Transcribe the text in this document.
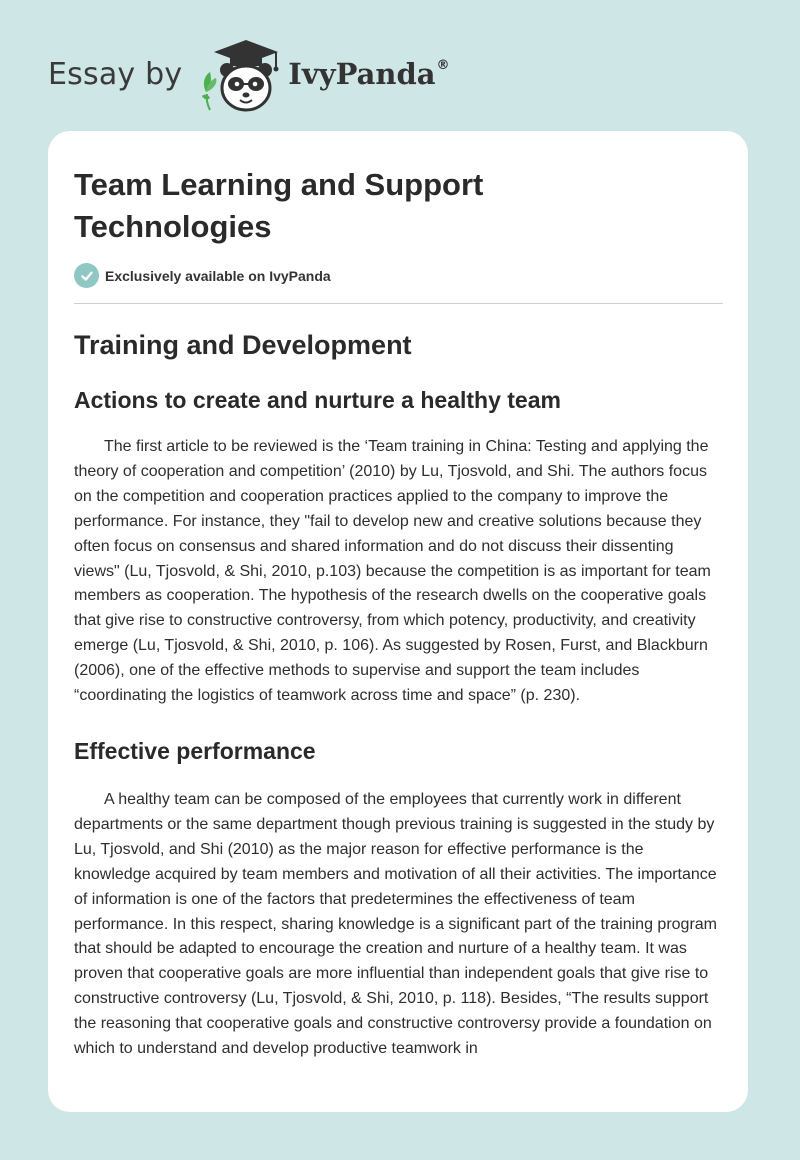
Essay by	IvyPanda®
Team Learning and Support Technologies
Exclusively available on IvyPanda
Training and Development
Actions to create and nurture a healthy team

The first article to be reviewed is the ‘Team training in China: Testing and applying the theory of cooperation and competition’ (2010) by Lu, Tjosvold, and Shi. The authors focus on the competition and cooperation practices applied to the company to improve the performance. For instance, they "fail to develop new and creative solutions because they often focus on consensus and shared information and do not discuss their dissenting views" (Lu, Tjosvold, & Shi, 2010, p.103) because the competition is as important for team members as cooperation. The hypothesis of the research dwells on the cooperative goals that give rise to constructive controversy, from which potency, productivity, and creativity emerge (Lu, Tjosvold, & Shi, 2010, p. 106). As suggested by Rosen, Furst, and Blackburn (2006), one of the effective methods to supervise and support the team includes “coordinating the logistics of teamwork across time and space” (p. 230).

Effective performance

A healthy team can be composed of the employees that currently work in different departments or the same department though previous training is suggested in the study by Lu, Tjosvold, and Shi (2010) as the major reason for effective performance is the knowledge acquired by team members and motivation of all their activities. The importance of information is one of the factors that predetermines the effectiveness of team performance. In this respect, sharing knowledge is a significant part of the training program that should be adapted to encourage the creation and nurture of a healthy team. It was proven that cooperative goals are more influential than independent goals that give rise to constructive controversy (Lu, Tjosvold, & Shi, 2010, p. 118). Besides, “The results support the reasoning that cooperative goals and constructive controversy provide a foundation on which to understand and develop productive teamwork in
